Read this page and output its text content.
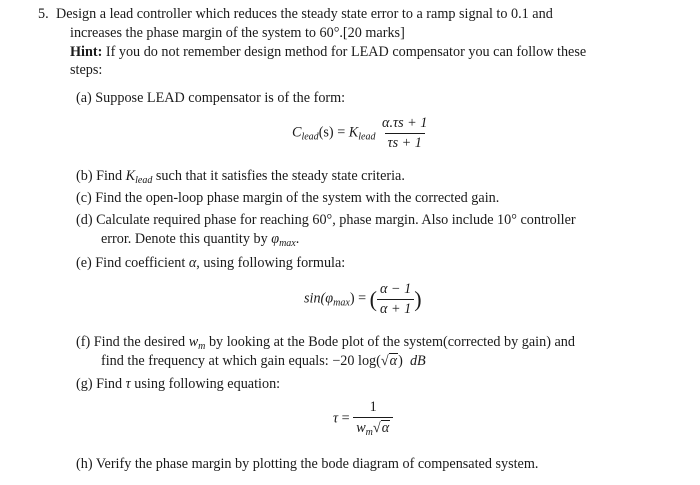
5. Design a lead controller which reduces the steady state error to a ramp signal to 0.1 and
increases the phase margin of the system to 60°.[20 marks]
Hint: If you do not remember design method for LEAD compensator you can follow these
steps:
(a) Suppose LEAD compensator is of the form:
$C_{lead}(s) = K_{lead} \frac{\alpha.\tau s + 1}{\tau s + 1}$
(b) Find $K_{lead}$ such that it satisfies the steady state criteria.
(c) Find the open-loop phase margin of the system with the corrected gain.
(d) Calculate required phase for reaching 60°, phase margin. Also include 10° controller
error. Denote this quantity by $\varphi_{max}$.
(e) Find coefficient α, using following formula:
$\sin(\varphi_{max})$ = ( $\frac{\alpha - 1}{\alpha + 1}$ )
(f) Find the desired $w_m$ by looking at the Bode plot of the system(corrected by gain) and
find the frequency at which gain equals: −20 log(√α) dB
(g) Find τ using following equation:
$\tau = \frac{1}{w_m√\alpha}$
(h) Verify the phase margin by plotting the bode diagram of compensated system.
